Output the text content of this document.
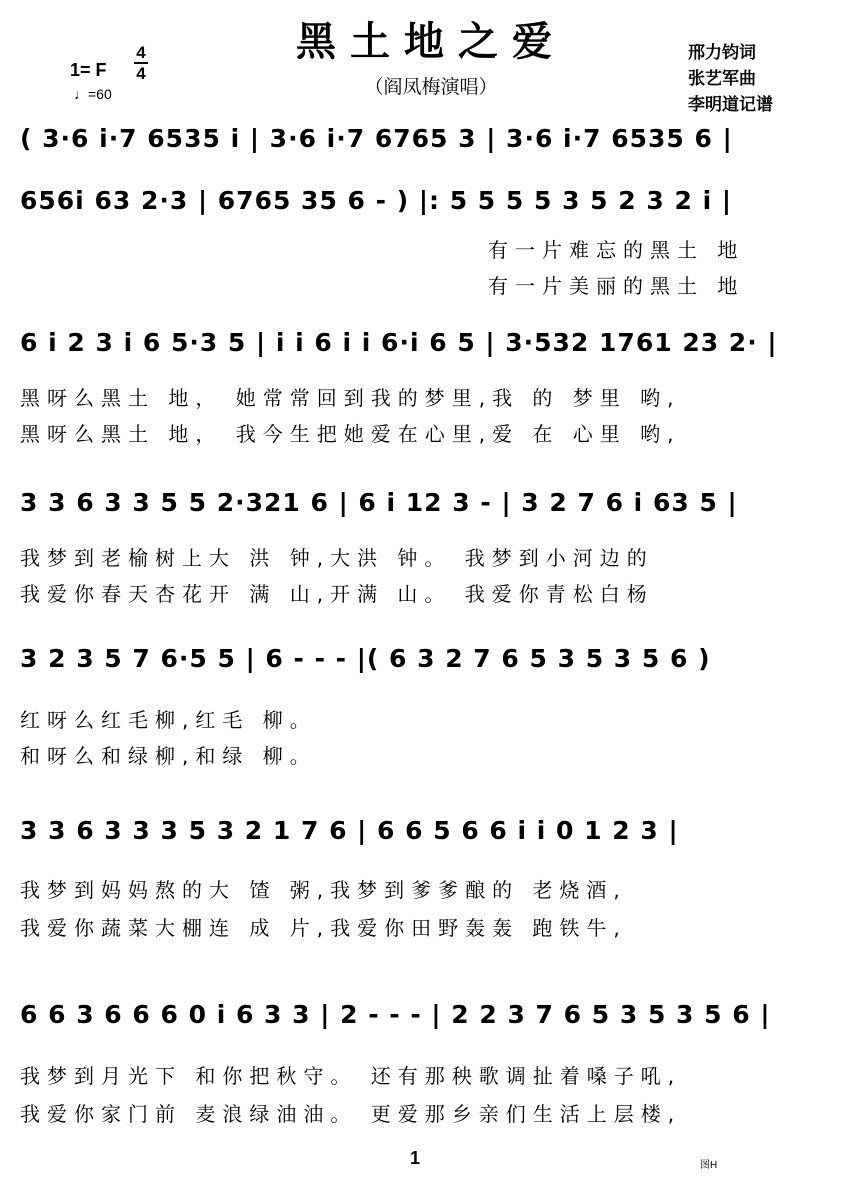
黑土地之爱
（阎凤梅演唱）
1= F
4
4
♩=60
邢力钧词
张艺军曲
李明道记谱
( 3·6 i·7 6535 i | 3·6 i·7 6765 3 | 3·6 i·7 6535 6 |
656i 63 2·3 | 6765 35 6 - ) |: 5 5 5 5 3 5 2 3 2 i |
有一片难忘的黑土 地
有一片美丽的黑土 地
6 i 2 3 i 6 5·3 5 | i i 6 i i 6·i 6 5 | 3·532 1761 23 2· |
黑呀么黑土 地， 她常常回到我的梦里,我 的 梦里 哟,
黑呀么黑土 地， 我今生把她爱在心里,爱 在 心里 哟,
3 3 6 3 3 5 5 2·321 6 | 6 i 12 3 - | 3 2 7 6 i 63 5 |
我梦到老榆树上大 洪 钟,大洪 钟。 我梦到小河边的
我爱你春天杏花开 满 山,开满 山。 我爱你青松白杨
3 2 3 5 7 6·5 5 | 6 - - - |( 6 3 2 7 6 5 3 5 3 5 6 )
红呀么红毛柳,红毛 柳。
和呀么和绿柳,和绿 柳。
3 3 6 3 3 3 5 3 2 1 7 6 | 6 6 5 6 6 i i 0 1 2 3 |
我梦到妈妈熬的大 馇 粥,我梦到爹爹酿的 老烧酒,
我爱你蔬菜大棚连 成 片,我爱你田野轰轰 跑铁牛,
6 6 3 6 6 6 0 i 6 3 3 | 2 - - - | 2 2 3 7 6 5 3 5 3 5 6 |
我梦到月光下 和你把秋守。 还有那秧歌调扯着嗓子吼,
我爱你家门前 麦浪绿油油。 更爱那乡亲们生活上层楼,
1	图H
